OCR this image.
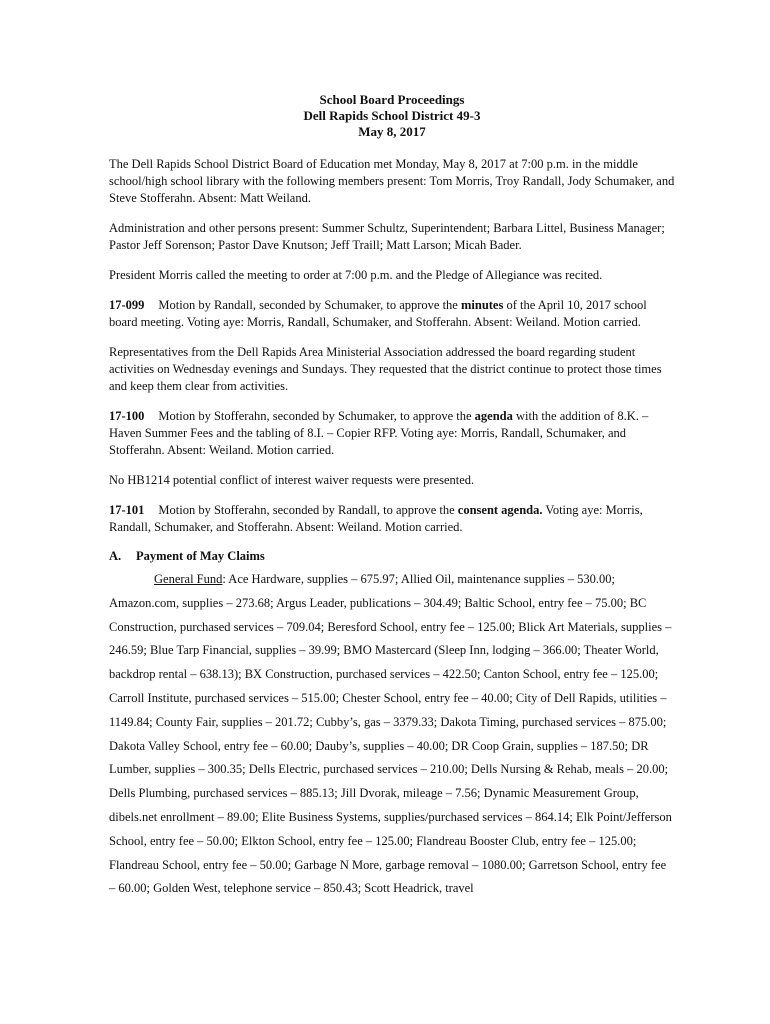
School Board Proceedings
Dell Rapids School District 49-3
May 8, 2017

The Dell Rapids School District Board of Education met Monday, May 8, 2017 at 7:00 p.m. in the middle school/high school library with the following members present: Tom Morris, Troy Randall, Jody Schumaker, and Steve Stofferahn. Absent: Matt Weiland.

Administration and other persons present: Summer Schultz, Superintendent; Barbara Littel, Business Manager; Pastor Jeff Sorenson; Pastor Dave Knutson; Jeff Traill; Matt Larson; Micah Bader.

President Morris called the meeting to order at 7:00 p.m. and the Pledge of Allegiance was recited.

17-099 Motion by Randall, seconded by Schumaker, to approve the minutes of the April 10, 2017 school board meeting. Voting aye: Morris, Randall, Schumaker, and Stofferahn. Absent: Weiland. Motion carried.

Representatives from the Dell Rapids Area Ministerial Association addressed the board regarding student activities on Wednesday evenings and Sundays. They requested that the district continue to protect those times and keep them clear from activities.

17-100 Motion by Stofferahn, seconded by Schumaker, to approve the agenda with the addition of 8.K. – Haven Summer Fees and the tabling of 8.I. – Copier RFP. Voting aye: Morris, Randall, Schumaker, and Stofferahn. Absent: Weiland. Motion carried.

No HB1214 potential conflict of interest waiver requests were presented.

17-101 Motion by Stofferahn, seconded by Randall, to approve the consent agenda. Voting aye: Morris, Randall, Schumaker, and Stofferahn. Absent: Weiland. Motion carried.

A. Payment of May Claims

General Fund: Ace Hardware, supplies – 675.97; Allied Oil, maintenance supplies – 530.00; Amazon.com, supplies – 273.68; Argus Leader, publications – 304.49; Baltic School, entry fee – 75.00; BC Construction, purchased services – 709.04; Beresford School, entry fee – 125.00; Blick Art Materials, supplies – 246.59; Blue Tarp Financial, supplies – 39.99; BMO Mastercard (Sleep Inn, lodging – 366.00; Theater World, backdrop rental – 638.13); BX Construction, purchased services – 422.50; Canton School, entry fee – 125.00; Carroll Institute, purchased services – 515.00; Chester School, entry fee – 40.00; City of Dell Rapids, utilities – 1149.84; County Fair, supplies – 201.72; Cubby’s, gas – 3379.33; Dakota Timing, purchased services – 875.00; Dakota Valley School, entry fee – 60.00; Dauby’s, supplies – 40.00; DR Coop Grain, supplies – 187.50; DR Lumber, supplies – 300.35; Dells Electric, purchased services – 210.00; Dells Nursing & Rehab, meals – 20.00; Dells Plumbing, purchased services – 885.13; Jill Dvorak, mileage – 7.56; Dynamic Measurement Group, dibels.net enrollment – 89.00; Elite Business Systems, supplies/purchased services – 864.14; Elk Point/Jefferson School, entry fee – 50.00; Elkton School, entry fee – 125.00; Flandreau Booster Club, entry fee – 125.00; Flandreau School, entry fee – 50.00; Garbage N More, garbage removal – 1080.00; Garretson School, entry fee – 60.00; Golden West, telephone service – 850.43; Scott Headrick, travel
